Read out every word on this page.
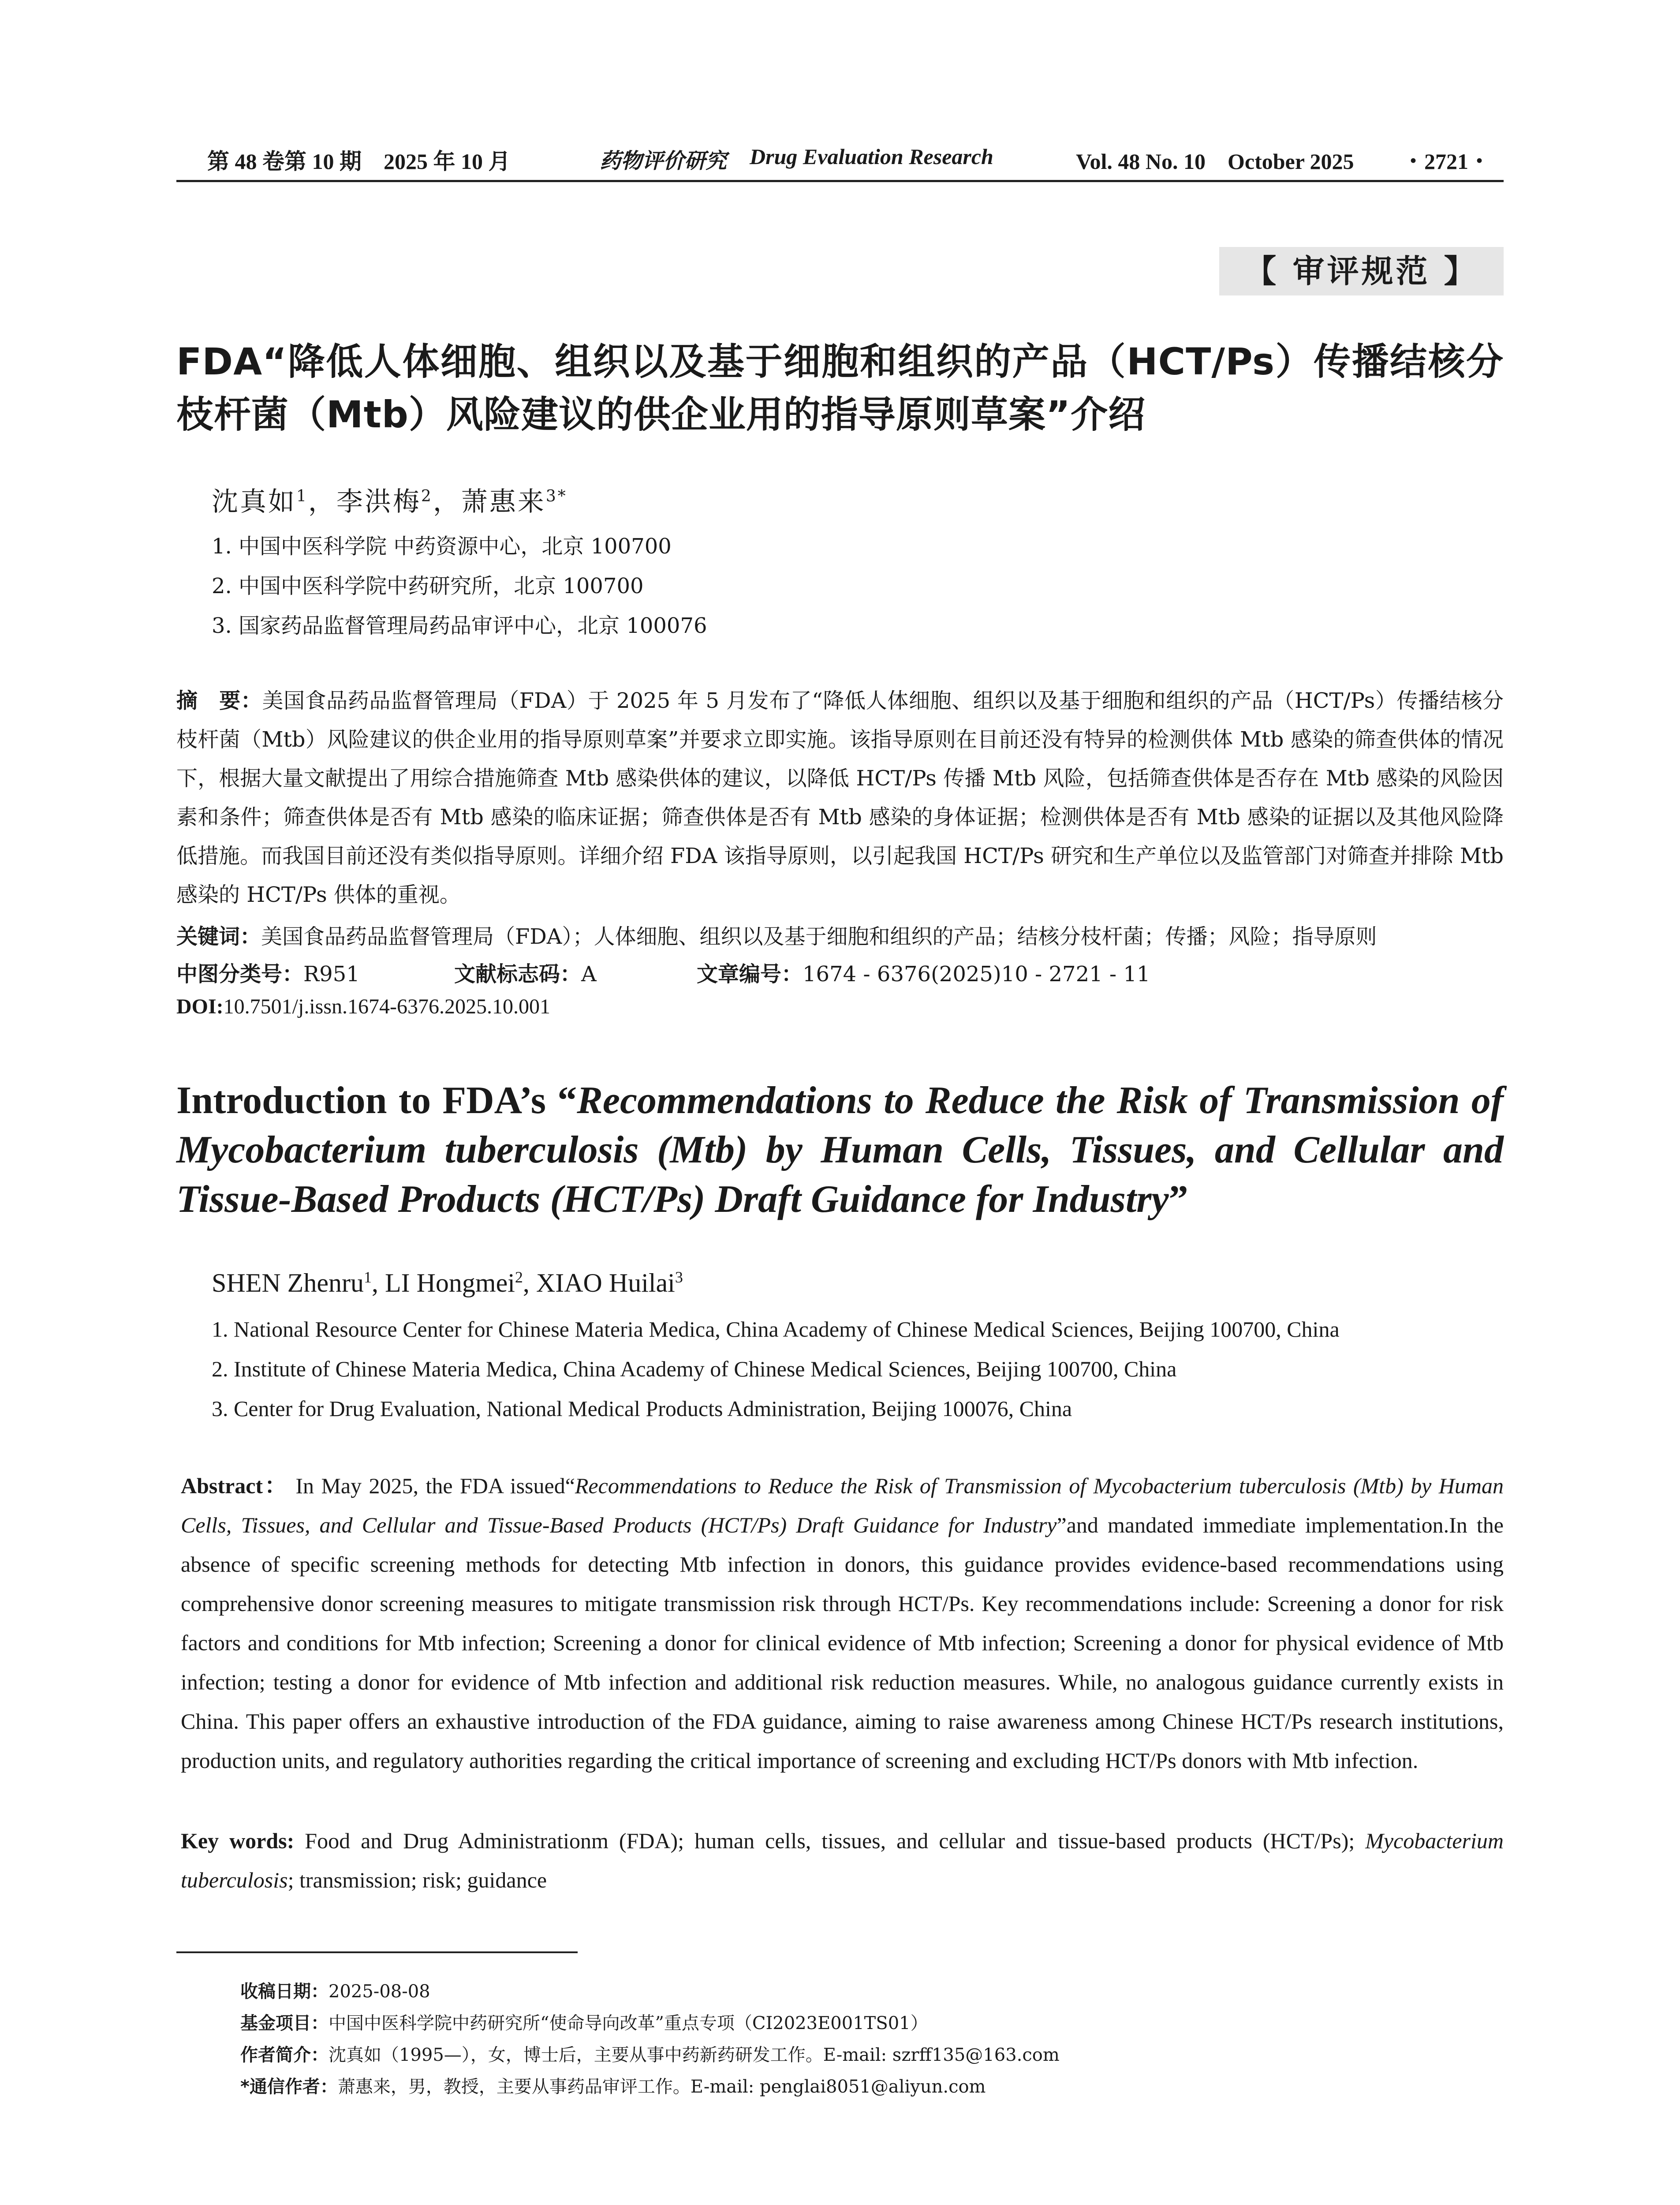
第 48 卷第 10 期　2025 年 10 月	药物评价研究 Drug Evaluation Research	Vol. 48 No. 10　October 2025 ・2721・
【 审评规范 】
FDA“降低人体细胞、组织以及基于细胞和组织的产品（HCT/Ps）传播结核分枝杆菌（Mtb）风险建议的供企业用的指导原则草案”介绍
沈真如$^1$，李洪梅$^2$，萧惠来$^{3*}$
1. 中国中医科学院 中药资源中心，北京 100700
2. 中国中医科学院中药研究所，北京 100700
3. 国家药品监督管理局药品审评中心，北京 100076
摘　要：美国食品药品监督管理局（FDA）于 2025 年 5 月发布了“降低人体细胞、组织以及基于细胞和组织的产品（HCT/Ps）传播结核分枝杆菌（Mtb）风险建议的供企业用的指导原则草案”并要求立即实施。该指导原则在目前还没有特异的检测供体 Mtb 感染的筛查供体的情况下，根据大量文献提出了用综合措施筛查 Mtb 感染供体的建议，以降低 HCT/Ps 传播 Mtb 风险，包括筛查供体是否存在 Mtb 感染的风险因素和条件；筛查供体是否有 Mtb 感染的临床证据；筛查供体是否有 Mtb 感染的身体证据；检测供体是否有 Mtb 感染的证据以及其他风险降低措施。而我国目前还没有类似指导原则。详细介绍 FDA 该指导原则，以引起我国 HCT/Ps 研究和生产单位以及监管部门对筛查并排除 Mtb 感染的 HCT/Ps 供体的重视。
关键词：美国食品药品监督管理局（FDA）；人体细胞、组织以及基于细胞和组织的产品；结核分枝杆菌；传播；风险；指导原则
中图分类号：R951	文献标志码：A	文章编号：1674 - 6376(2025)10 - 2721 - 11
DOI:10.7501/j.issn.1674-6376.2025.10.001
Introduction to FDA’s “Recommendations to Reduce the Risk of Transmission of Mycobacterium tuberculosis (Mtb) by Human Cells, Tissues, and Cellular and Tissue-Based Products (HCT/Ps) Draft Guidance for Industry”
SHEN Zhenru$^1$, LI Hongmei$^2$, XIAO Huilai$^3$
1. National Resource Center for Chinese Materia Medica, China Academy of Chinese Medical Sciences, Beijing 100700, China
2. Institute of Chinese Materia Medica, China Academy of Chinese Medical Sciences, Beijing 100700, China
3. Center for Drug Evaluation, National Medical Products Administration, Beijing 100076, China
Abstract： In May 2025, the FDA issued“Recommendations to Reduce the Risk of Transmission of Mycobacterium tuberculosis (Mtb) by Human Cells, Tissues, and Cellular and Tissue-Based Products (HCT/Ps) Draft Guidance for Industry”and mandated immediate implementation.In the absence of specific screening methods for detecting Mtb infection in donors, this guidance provides evidence-based recommendations using comprehensive donor screening measures to mitigate transmission risk through HCT/Ps. Key recommendations include: Screening a donor for risk factors and conditions for Mtb infection; Screening a donor for clinical evidence of Mtb infection; Screening a donor for physical evidence of Mtb infection; testing a donor for evidence of Mtb infection and additional risk reduction measures. While, no analogous guidance currently exists in China. This paper offers an exhaustive introduction of the FDA guidance, aiming to raise awareness among Chinese HCT/Ps research institutions, production units, and regulatory authorities regarding the critical importance of screening and excluding HCT/Ps donors with Mtb infection.
Key words: Food and Drug Administrationm (FDA); human cells, tissues, and cellular and tissue-based products (HCT/Ps); Mycobacterium tuberculosis; transmission; risk; guidance
收稿日期：2025-08-08
基金项目：中国中医科学院中药研究所“使命导向改革”重点专项（CI2023E001TS01）
作者简介：沈真如（1995—），女，博士后，主要从事中药新药研发工作。E-mail: szrff135@163.com
*通信作者：萧惠来，男，教授，主要从事药品审评工作。E-mail: penglai8051@aliyun.com
